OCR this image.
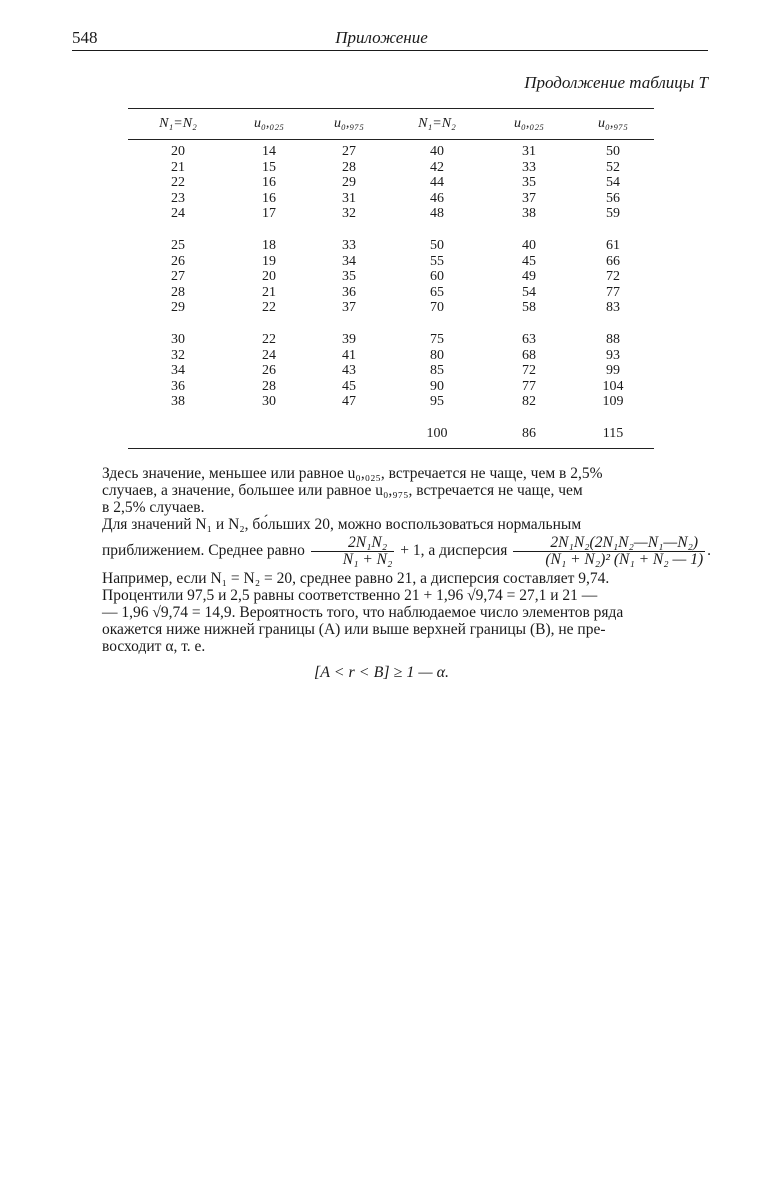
548	Приложение
Продолжение таблицы T
N₁=N₂	u₀,₀₂₅	u₀,₉₇₅	N₁=N₂	u₀,₀₂₅	u₀,₉₇₅

20	14	27	40	31	50
21	15	28	42	33	52
22	16	29	44	35	54
23	16	31	46	37	56
24	17	32	48	38	59

25	18	33	50	40	61
26	19	34	55	45	66
27	20	35	60	49	72
28	21	36	65	54	77
29	22	37	70	58	83

30	22	39	75	63	88
32	24	41	80	68	93
34	26	43	85	72	99
36	28	45	90	77	104
38	30	47	95	82	109

			100	86	115
Здесь значение, меньшее или равное u₀,₀₂₅, встречается не чаще, чем в 2,5%
случаев, а значение, большее или равное u₀,₉₇₅, встречается не чаще, чем
в 2,5% случаев.
Для значений N₁ и N₂, бо́льших 20, можно воспользоваться нормальным
приближением. Среднее равно $\frac{\text{2N₁N₂}}{\text{N₁ + N₂}} + 1$, а дисперсия $\frac{\text{2N₁N₂(2N₁N₂—N₁—N₂)}}{\text{(N₁ + N₂)² (N₁ + N₂ — 1)}}$ .
Например, если N₁ = N₂ = 20, среднее равно 21, а дисперсия составляет 9,74.
Процентили 97,5 и 2,5 равны соответственно 21 + 1,96 √9,74 = 27,1 и 21 —
— 1,96 √9,74 = 14,9. Вероятность того, что наблюдаемое число элементов ряда
окажется ниже нижней границы (A) или выше верхней границы (B), не пре-
восходит α, т. е.
[A < r < B] ≥ 1 — α.
